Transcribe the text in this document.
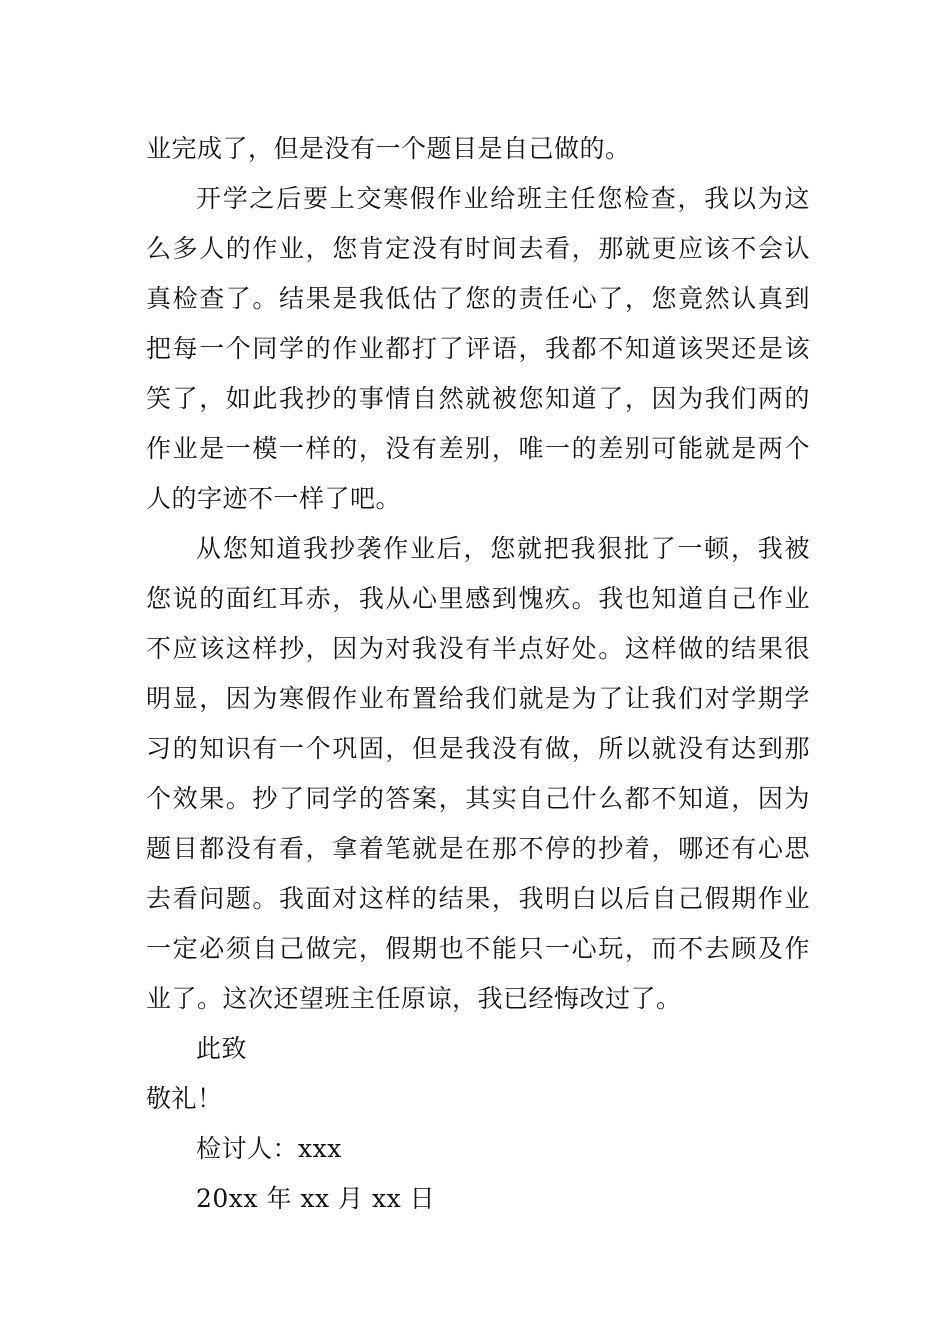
业完成了，但是没有一个题目是自己做的。
开学之后要上交寒假作业给班主任您检查，我以为这
么多人的作业，您肯定没有时间去看，那就更应该不会认
真检查了。结果是我低估了您的责任心了，您竟然认真到
把每一个同学的作业都打了评语，我都不知道该哭还是该
笑了，如此我抄的事情自然就被您知道了，因为我们两的
作业是一模一样的，没有差别，唯一的差别可能就是两个
人的字迹不一样了吧。
从您知道我抄袭作业后，您就把我狠批了一顿，我被
您说的面红耳赤，我从心里感到愧疚。我也知道自己作业
不应该这样抄，因为对我没有半点好处。这样做的结果很
明显，因为寒假作业布置给我们就是为了让我们对学期学
习的知识有一个巩固，但是我没有做，所以就没有达到那
个效果。抄了同学的答案，其实自己什么都不知道，因为
题目都没有看，拿着笔就是在那不停的抄着，哪还有心思
去看问题。我面对这样的结果，我明白以后自己假期作业
一定必须自己做完，假期也不能只一心玩，而不去顾及作
业了。这次还望班主任原谅，我已经悔改过了。
此致
敬礼！
检讨人：xxx
20xx 年 xx 月 xx 日
